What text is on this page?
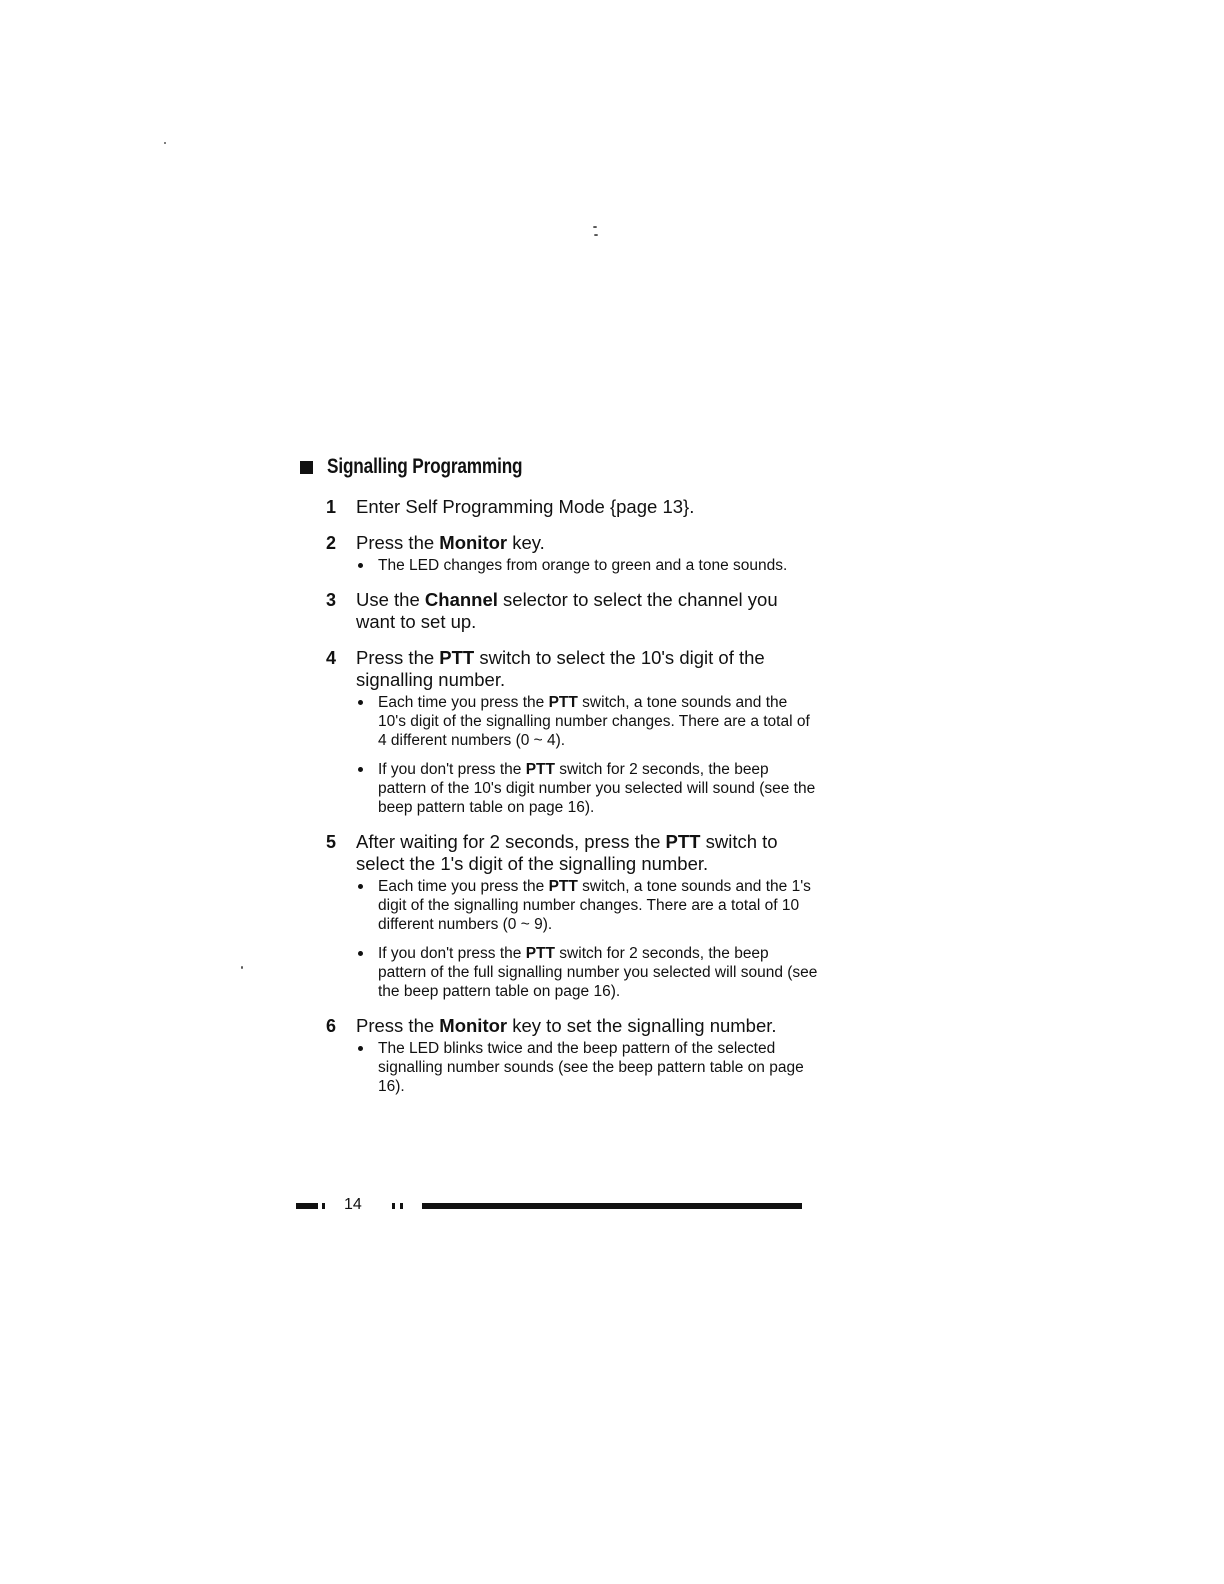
Signalling Programming
1 Enter Self Programming Mode {page 13}.

2 Press the Monitor key.

The LED changes from orange to green and a tone sounds.
3 Use the Channel selector to select the channel you want to set up.

4 Press the PTT switch to select the 10's digit of the signalling number.

Each time you press the PTT switch, a tone sounds and the 10's digit of the signalling number changes. There are a total of 4 different numbers (0 ~ 4).
If you don't press the PTT switch for 2 seconds, the beep pattern of the 10's digit number you selected will sound (see the beep pattern table on page 16).
5 After waiting for 2 seconds, press the PTT switch to select the 1's digit of the signalling number.

Each time you press the PTT switch, a tone sounds and the 1's digit of the signalling number changes. There are a total of 10 different numbers (0 ~ 9).
If you don't press the PTT switch for 2 seconds, the beep pattern of the full signalling number you selected will sound (see the beep pattern table on page 16).
6 Press the Monitor key to set the signalling number.

The LED blinks twice and the beep pattern of the selected signalling number sounds (see the beep pattern table on page 16).
14
